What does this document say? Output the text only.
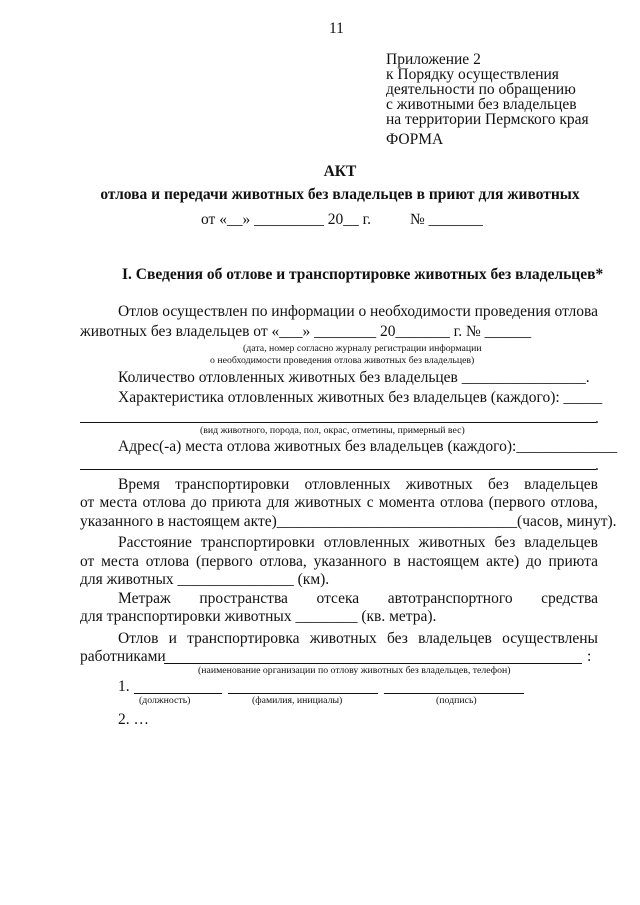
11
Приложение 2
к Порядку осуществления
деятельности по обращению
с животными без владельцев
на территории Пермского края
ФОРМА
АКТ
отлова и передачи животных без владельцев в приют для животных
от «__» _________ 20__ г.	№ _______
I. Сведения об отлове и транспортировке животных без владельцев*
Отлов осуществлен по информации о необходимости проведения отлова
животных без владельцев от «___» ________ 20_______ г. № ______
(дата, номер согласно журналу регистрации информации
о необходимости проведения отлова животных без владельцев)
Количество отловленных животных без владельцев ________________.
Характеристика отловленных животных без владельцев (каждого): _____
.
(вид животного, порода, пол, окрас, отметины, примерный вес)
Адрес(-а) места отлова животных без владельцев (каждого):_____________
.
Время транспортировки отловленных животных без владельцев
от места отлова до приюта для животных с момента отлова (первого отлова,
указанного в настоящем акте)_______________________________(часов, минут).
Расстояние транспортировки отловленных животных без владельцев
от места отлова (первого отлова, указанного в настоящем акте) до приюта
для животных _______________ (км).
Метраж пространства отсека автотранспортного средства
для транспортировки животных ________ (кв. метра).
Отлов и транспортировка животных без владельцев осуществлены
работниками	:
(наименование организации по отлову животных без владельцев, телефон)
1.
(должность)	(фамилия, инициалы)	(подпись)
2. …
